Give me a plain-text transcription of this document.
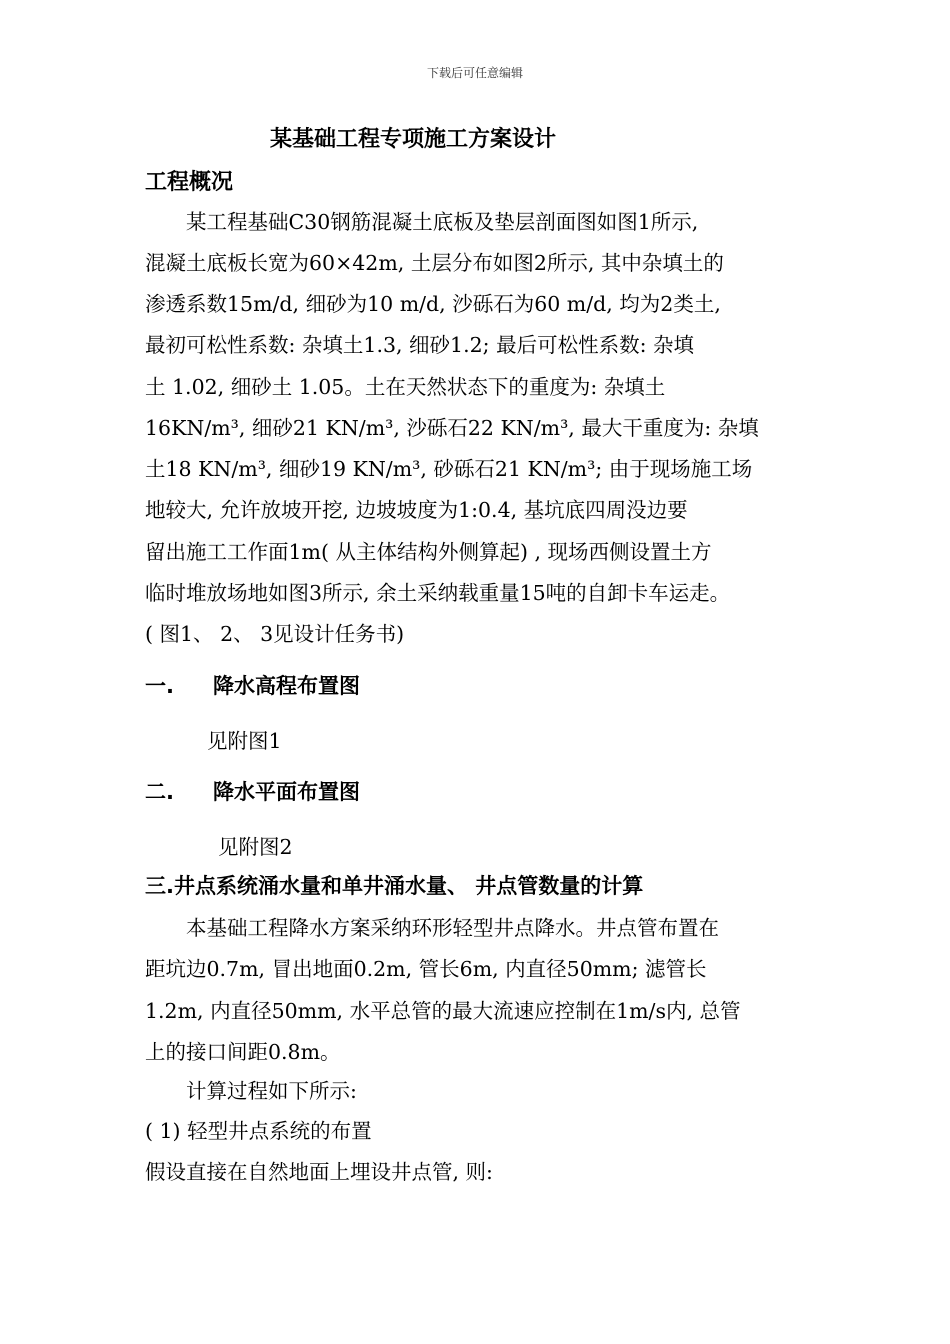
下载后可任意编辑
某基础工程专项施工方案设计
工程概况

　　某工程基础C30钢筋混凝土底板及垫层剖面图如图1所示,

混凝土底板长宽为60×42m, 土层分布如图2所示, 其中杂填土的

渗透系数15m/d, 细砂为10 m/d, 沙砾石为60 m/d, 均为2类土,

最初可松性系数: 杂填土1.3, 细砂1.2; 最后可松性系数: 杂填

土 1.02, 细砂土 1.05。土在天然状态下的重度为: 杂填土

16KN/m³, 细砂21 KN/m³, 沙砾石22 KN/m³, 最大干重度为: 杂填

土18 KN/m³, 细砂19 KN/m³, 砂砾石21 KN/m³; 由于现场施工场

地较大, 允许放坡开挖, 边坡坡度为1:0.4, 基坑底四周没边要

留出施工工作面1m( 从主体结构外侧算起) , 现场西侧设置土方

临时堆放场地如图3所示, 余土采纳载重量15吨的自卸卡车运走。

( 图1、 2、 3见设计任务书)

一. 降水高程布置图

见附图1

二. 降水平面布置图

见附图2

三.井点系统涌水量和单井涌水量、 井点管数量的计算

　　本基础工程降水方案采纳环形轻型井点降水。井点管布置在

距坑边0.7m, 冒出地面0.2m, 管长6m, 内直径50mm; 滤管长

1.2m, 内直径50mm, 水平总管的最大流速应控制在1m/s内, 总管

上的接口间距0.8m。

　　计算过程如下所示:

( 1) 轻型井点系统的布置

假设直接在自然地面上埋设井点管, 则:
